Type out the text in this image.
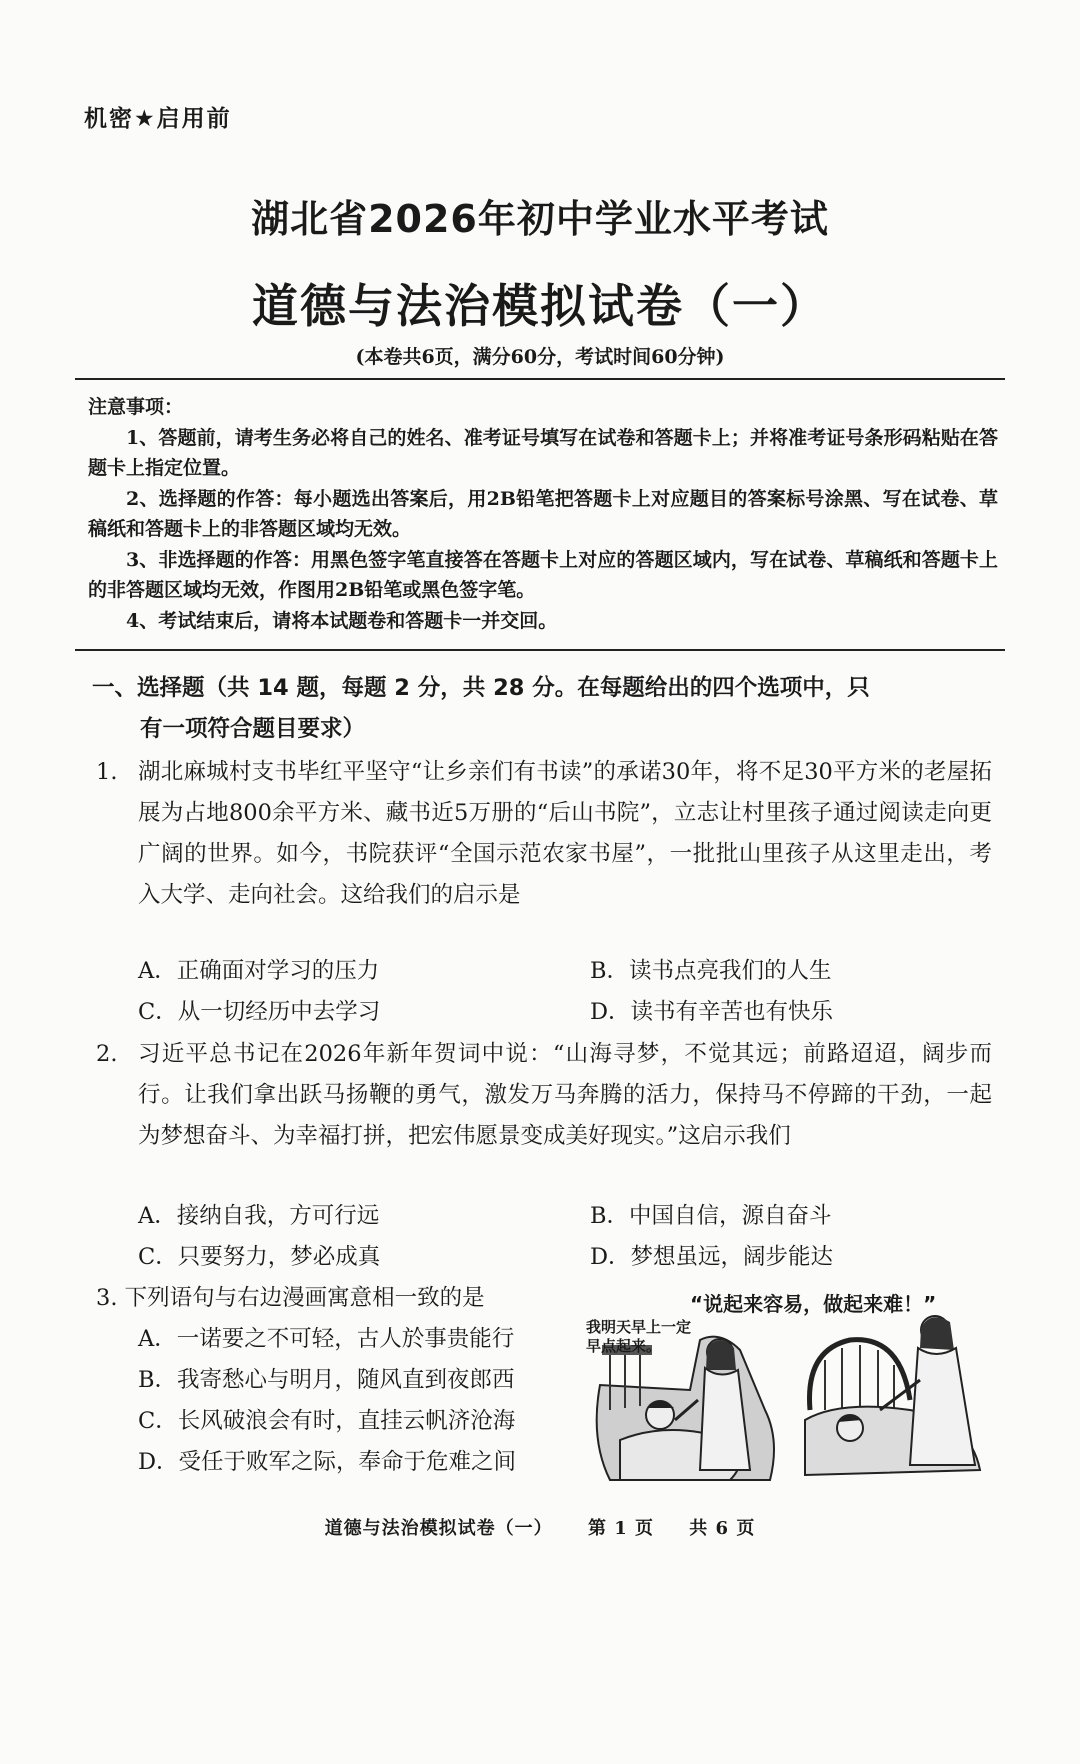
机密★启用前
湖北省2026年初中学业水平考试
道德与法治模拟试卷（一）
(本卷共6页，满分60分，考试时间60分钟)
注意事项：

1、答题前，请考生务必将自己的姓名、准考证号填写在试卷和答题卡上；并将准考证号条形码粘贴在答题卡上指定位置。

2、选择题的作答：每小题选出答案后，用2B铅笔把答题卡上对应题目的答案标号涂黑、写在试卷、草稿纸和答题卡上的非答题区域均无效。

3、非选择题的作答：用黑色签字笔直接答在答题卡上对应的答题区域内，写在试卷、草稿纸和答题卡上的非答题区域均无效，作图用2B铅笔或黑色签字笔。

4、考试结束后，请将本试题卷和答题卡一并交回。

一、选择题（共 14 题，每题 2 分，共 28 分。在每题给出的四个选项中，只
有一项符合题目要求）
1. 湖北麻城村支书毕红平坚守“让乡亲们有书读”的承诺30年，将不足30平方米的老屋拓展为占地800余平方米、藏书近5万册的“后山书院”，立志让村里孩子通过阅读走向更广阔的世界。如今，书院获评“全国示范农家书屋”，一批批山里孩子从这里走出，考入大学、走向社会。这给我们的启示是
A．正确面对学习的压力	B．读书点亮我们的人生
C．从一切经历中去学习	D．读书有辛苦也有快乐
2. 习近平总书记在2026年新年贺词中说：“山海寻梦，不觉其远；前路迢迢，阔步而行。让我们拿出跃马扬鞭的勇气，激发万马奔腾的活力，保持马不停蹄的干劲，一起为梦想奋斗、为幸福打拼，把宏伟愿景变成美好现实。”这启示我们
A．接纳自我，方可行远	B．中国自信，源自奋斗
C．只要努力，梦必成真	D．梦想虽远，阔步能达
3. 下列语句与右边漫画寓意相一致的是
A．一诺要之不可轻，古人於事贵能行
B．我寄愁心与明月，随风直到夜郎西
C．长风破浪会有时，直挂云帆济沧海
D．受任于败军之际，奉命于危难之间
“说起来容易，做起来难！”
我明天早上一定早点起来。
道德与法治模拟试卷（一） 第 1 页 共 6 页
